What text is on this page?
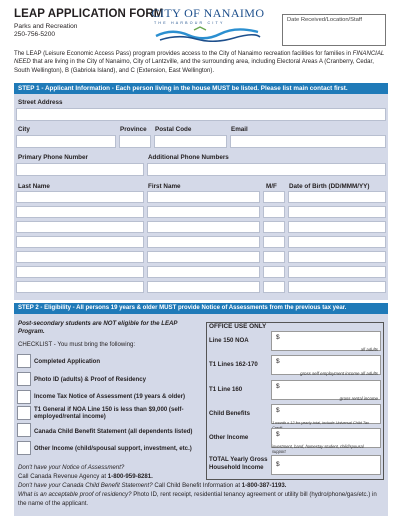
LEAP APPLICATION FORM
Parks and Recreation
250-756-5200
CITY OF NANAIMO
THE HARBOUR CITY	Date Received/Location/Staff
The LEAP (Leisure Economic Access Pass) program provides access to the City of Nanaimo recreation facilities for families in FINANCIAL NEED that are living in the City of Nanaimo, City of Lantzville, and the surrounding area, including Electoral Areas A (Cranberry, Cedar, South Wellington), B (Gabriola Island), and C (Extension, East Wellington).
STEP 1 - Applicant Information - Each person living in the house MUST be listed. Please list main contact first.
Street Address
City	Province Postal Code	Email
Primary Phone Number	Additional Phone Numbers
Last Name	First Name	M/F Date of Birth (DD/MMM/YY)
STEP 2 - Eligibility - All persons 19 years & older MUST provide Notice of Assessments from the previous tax year.
Post-secondary students are NOT eligible for the LEAP Program.
CHECKLIST - You must bring the following:
Completed Application
Photo ID (adults) & Proof of Residency
Income Tax Notice of Assessment (19 years & older)
T1 General if NOA Line 150 is less than $9,000 (self-employed/rental income)
Canada Child Benefit Statement (all dependents listed)
Other Income (child/spousal support, investment, etc.)
Don't have your Notice of Assessment?
Call Canada Revenue Agency at 1-800-959-8281.
Don't have your Canada Child Benefit Statement? Call Child Benefit Information at 1-800-387-1193.
What is an acceptable proof of residency? Photo ID, rent receipt, residential tenancy agreement or utility bill (hydro/phone/gas/etc.) in the name of the applicant.
OFFICE USE ONLY
Line 150 NOA	$
all adults
T1 Lines 162-170	$
gross self employment income all adults
T1 Line 160	$
gross rental income
Child Benefits	$
1 month x 12 for yearly total, include Universal Child Tax
Other Income	$
investment, band, homestay student, child/spousal support
TOTAL Yearly Gross Household Income	$
